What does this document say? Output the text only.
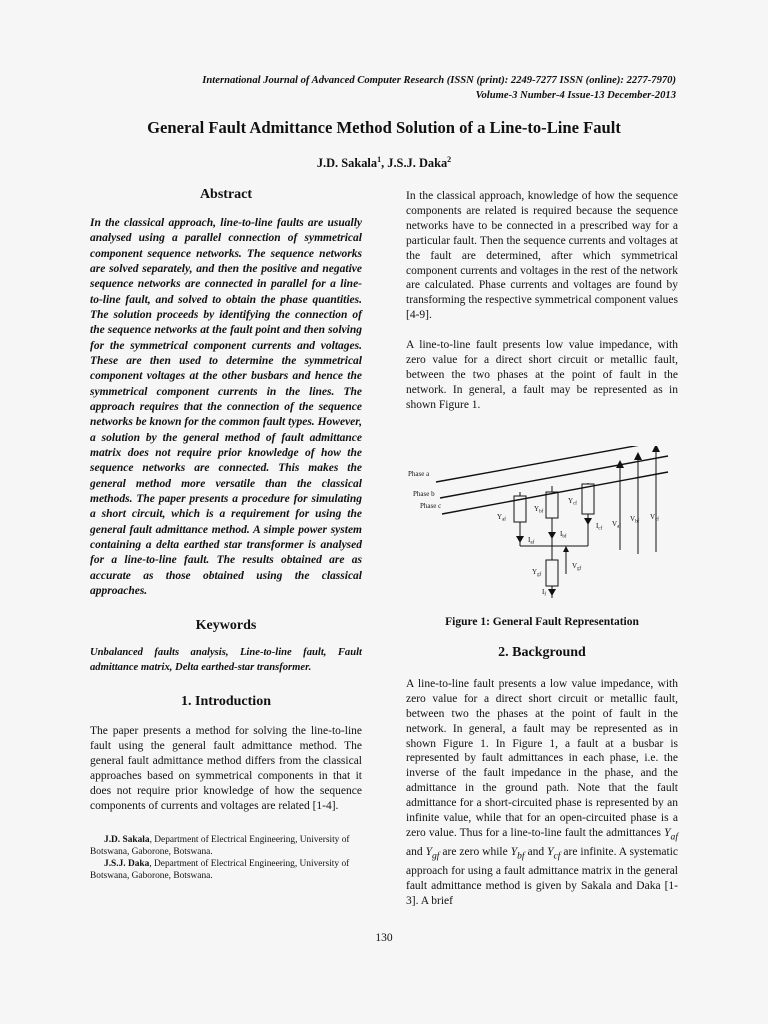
International Journal of Advanced Computer Research (ISSN (print): 2249-7277 ISSN (online): 2277-7970)
Volume-3 Number-4 Issue-13 December-2013
General Fault Admittance Method Solution of a Line-to-Line Fault
J.D. Sakala$^1$, J.S.J. Daka$^2$
Abstract

In the classical approach, line-to-line faults are usually analysed using a parallel connection of symmetrical component sequence networks. The sequence networks are solved separately, and then the positive and negative sequence networks are connected in parallel for a line-to-line fault, and solved to obtain the phase quantities. The solution proceeds by identifying the connection of the sequence networks at the fault point and then solving for the symmetrical component currents and voltages. These are then used to determine the symmetrical component voltages at the other busbars and hence the symmetrical component currents in the lines. The approach requires that the connection of the sequence networks be known for the common fault types. However, a solution by the general method of fault admittance matrix does not require prior knowledge of how the sequence networks are connected. This makes the general method more versatile than the classical methods. The paper presents a procedure for simulating a short circuit, which is a requirement for using the general fault admittance method. A simple power system containing a delta earthed star transformer is analysed for a line-to-line fault. The results obtained are as accurate as those obtained using the classical approaches.

Keywords

Unbalanced faults analysis, Line-to-line fault, Fault admittance matrix, Delta earthed-star transformer.

1. Introduction

The paper presents a method for solving the line-to-line fault using the general fault admittance method. The general fault admittance method differs from the classical approaches based on symmetrical components in that it does not require prior knowledge of how the sequence components of currents and voltages are related [1-4].

J.D. Sakala, Department of Electrical Engineering, University of Botswana, Gaborone, Botswana.

J.S.J. Daka, Department of Electrical Engineering, University of Botswana, Gaborone, Botswana.

In the classical approach, knowledge of how the sequence components are related is required because the sequence networks have to be connected in a prescribed way for a particular fault. Then the sequence currents and voltages at the fault are determined, after which symmetrical component currents and voltages in the rest of the network are calculated. Phase currents and voltages are found by transforming the respective symmetrical component values [4-9].

A line-to-line fault presents low value impedance, with zero value for a direct short circuit or metallic fault, between the two phases at the point of fault in the network. In general, a fault may be represented as in shown Figure 1.

Phase a
Phase b
Phase c
$Y_{af}$
$Y_{bf}$
$Y_{cf}$
$Y_{gf}$
$I_{af}$
$I_{bf}$
$I_{cf}$
$I_f$
$V_{af}$
$V_{bf}$
$V_{cf}$
$V_{gf}$
Figure 1: General Fault Representation
2. Background

A line-to-line fault presents a low value impedance, with zero value for a direct short circuit or metallic fault, between two the phases at the point of fault in the network. In general, a fault may be represented as in shown Figure 1. In Figure 1, a fault at a busbar is represented by fault admittances in each phase, i.e. the inverse of the fault impedance in the phase, and the admittance in the ground path. Note that the fault admittance for a short-circuited phase is represented by an infinite value, while that for an open-circuited phase is a zero value. Thus for a line-to-line fault the admittances $Y_{af}$ and $Y_{gf}$ are zero while $Y_{bf}$ and $Y_{cf}$ are infinite. A systematic approach for using a fault admittance matrix in the general fault admittance method is given by Sakala and Daka [1-3]. A brief

130
